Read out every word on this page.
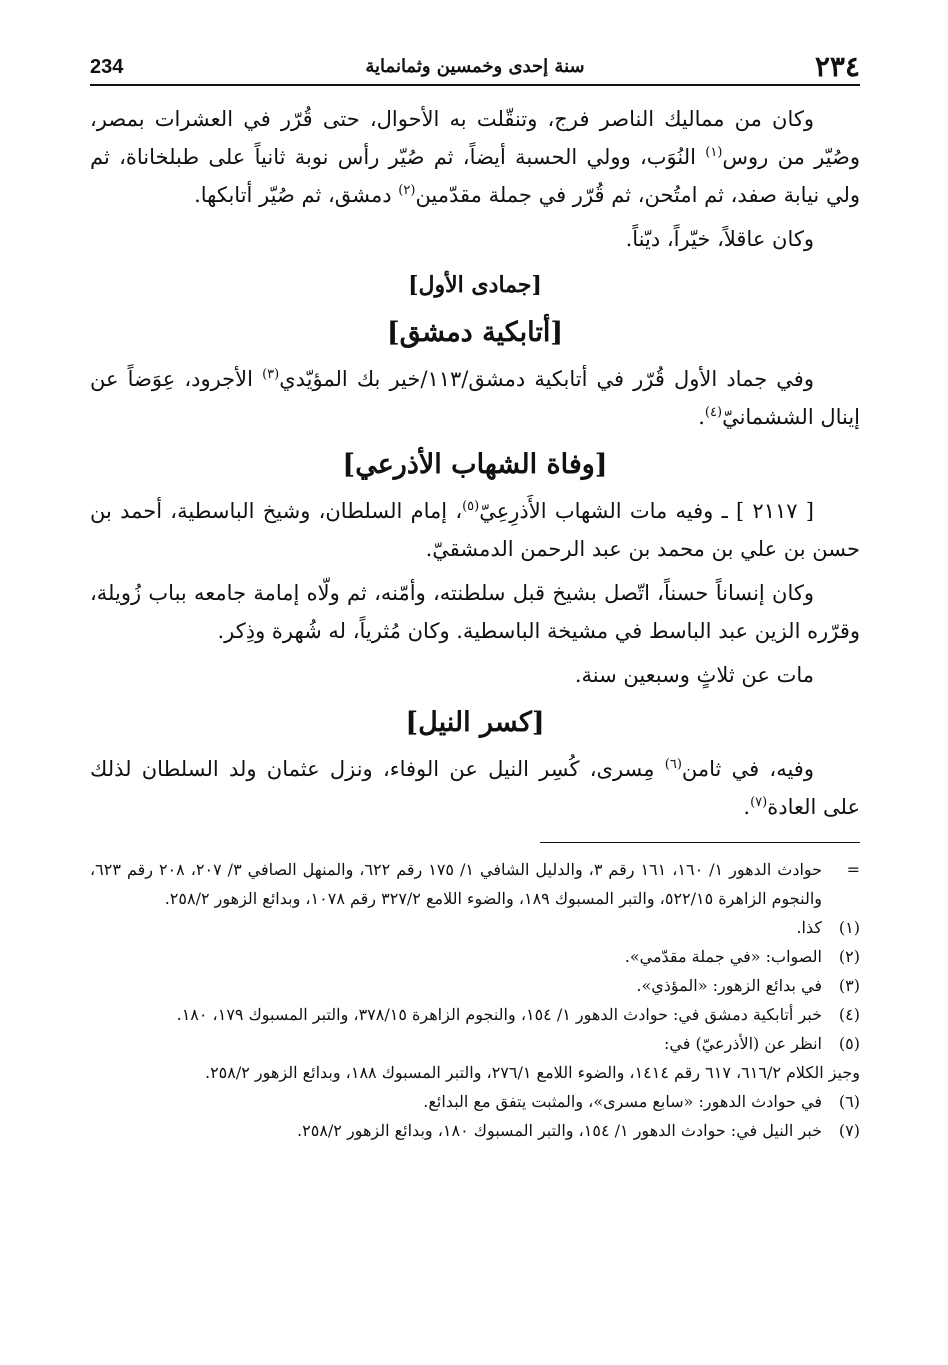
٢٣٤
سنة إحدى وخمسين وثمانماية
234

وكان من مماليك الناصر فرج، وتنقّلت به الأحوال، حتى قُرّر في العشرات بمصر، وصُيّر من روس$^{(١)}$ النُوَب، وولي الحسبة أيضاً، ثم صُيّر رأس نوبة ثانياً على طبلخاناة، ثم ولي نيابة صفد، ثم امتُحن، ثم قُرّر في جملة مقدّمين$^{(٢)}$ دمشق، ثم صُيّر أتابكها.

وكان عاقلاً، خيّراً، ديّناً.

[جمادى الأول]
[أتابكية دمشق]

وفي جماد الأول قُرّر في أتابكية دمشق/١١٣/خير بك المؤيّدي$^{(٣)}$ الأجرود، عِوَضاً عن إينال الششمانيّ$^{(٤)}$.

[وفاة الشهاب الأذرعي]

[ ٢١١٧ ] ـ وفيه مات الشهاب الأَذرِعِيّ$^{(٥)}$، إمام السلطان، وشيخ الباسطية، أحمد بن حسن بن علي بن محمد بن عبد الرحمن الدمشقيّ.

وكان إنساناً حسناً، اتّصل بشيخ قبل سلطنته، وأمّنه، ثم ولّاه إمامة جامعه بباب زُويلة، وقرّره الزين عبد الباسط في مشيخة الباسطية. وكان مُثرياً، له شُهرة وذِكر.

مات عن ثلاثٍ وسبعين سنة.

[كسر النيل]

وفيه، في ثامن$^{(٦)}$ مِسرى، كُسِر النيل عن الوفاء، ونزل عثمان ولد السلطان لذلك على العادة$^{(٧)}$.

=
حوادث الدهور ١/ ١٦٠، ١٦١ رقم ٣، والدليل الشافي ١/ ١٧٥ رقم ٦٢٢، والمنهل الصافي ٣/ ٢٠٧، ٢٠٨ رقم ٦٢٣، والنجوم الزاهرة ٥٢٢/١٥، والتبر المسبوك ١٨٩، والضوء اللامع ٣٢٧/٢ رقم ١٠٧٨، وبدائع الزهور ٢٥٨/٢.
(١)
كذا.
(٢)
الصواب: «في جملة مقدّمي».
(٣)
في بدائع الزهور: «المؤذي».
(٤)
خبر أتابكية دمشق في: حوادث الدهور ١/ ١٥٤، والنجوم الزاهرة ٣٧٨/١٥، والتبر المسبوك ١٧٩، ١٨٠.
(٥)
انظر عن (الأذرعيّ) في:
وجيز الكلام ٦١٦/٢، ٦١٧ رقم ١٤١٤، والضوء اللامع ٢٧٦/١، والتبر المسبوك ١٨٨، وبدائع الزهور ٢٥٨/٢.
(٦)
في حوادث الدهور: «سابع مسرى»، والمثبت يتفق مع البدائع.
(٧)
خبر النيل في: حوادث الدهور ١/ ١٥٤، والتبر المسبوك ١٨٠، وبدائع الزهور ٢٥٨/٢.
